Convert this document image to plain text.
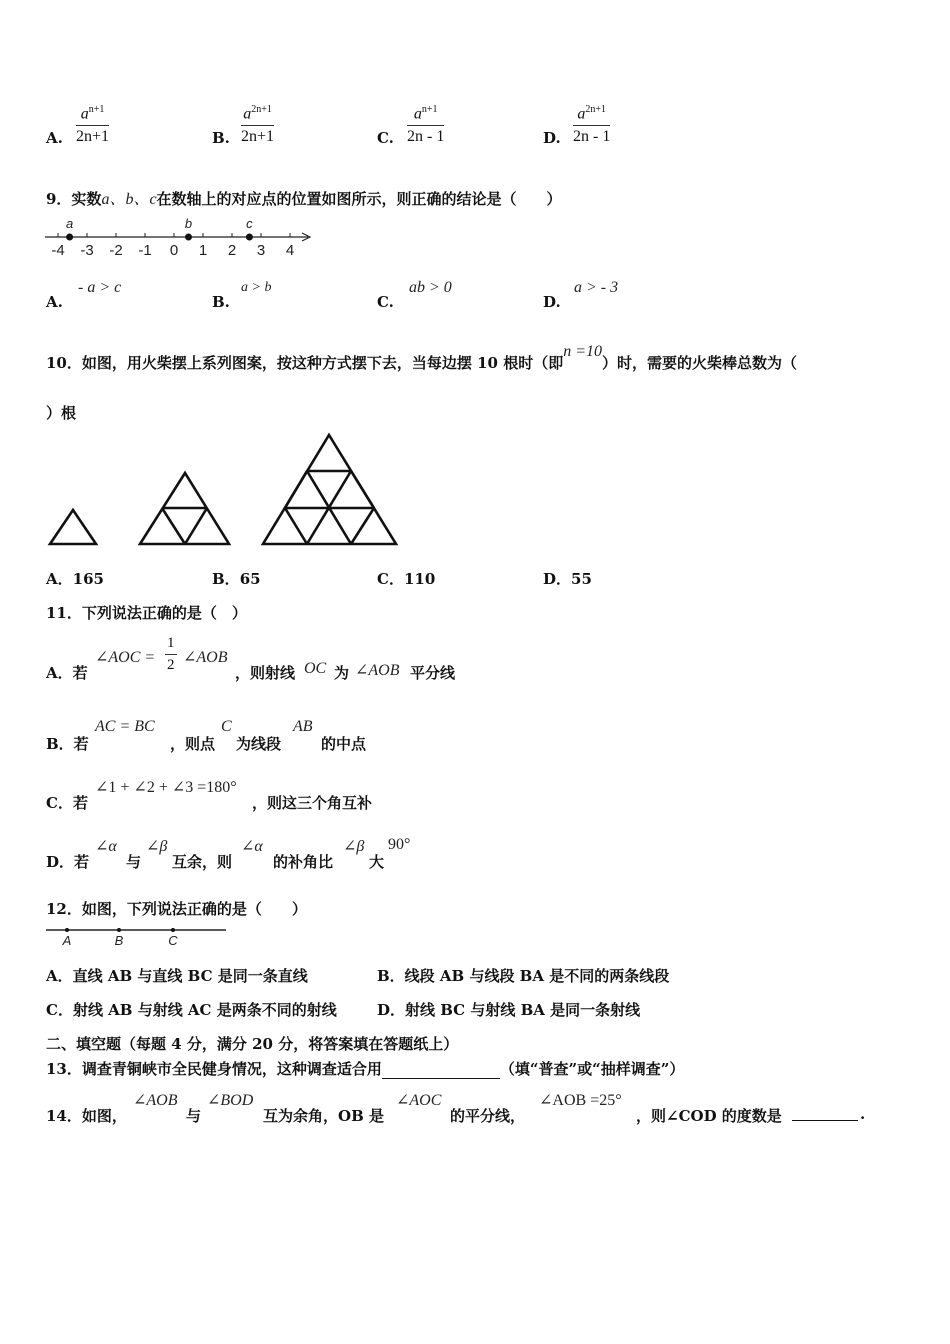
A. $\frac{a^{n+1}}{2n+1}$	B. $\frac{a^{2n+1}}{2n+1}$	C. $\frac{a^{n+1}}{2n - 1}$	D. $\frac{a^{2n+1}}{2n - 1}$
9．实数a、b、c在数轴上的对应点的位置如图所示，则正确的结论是（　　）
-4 -3 -2 -1 0 1 2 3 4
a	b	c
A.
- a > c
B.
a > b
C.
ab > 0
D.
a > - 3
10．如图，用火柴摆上系列图案，按这种方式摆下去，当每边摆 10 根时（即n =10）时，需要的火柴棒总数为（
）根
A．165	B．65	C．110	D．55
11．下列说法正确的是（　）
A．若
∠AOC = $\frac{1}{2}$ ∠AOB
，则射线 OC 为 ∠AOB 平分线
B．若
AC = BC
，则点
C
为线段
AB
的中点
C．若
∠1 + ∠2 + ∠3 =180°
，则这三个角互补
D．若
∠α
与
∠β
互余，则
∠α
的补角比
∠β
大
90°
12．如图，下列说法正确的是（　　）
A	B	C
A．直线 AB 与直线 BC 是同一条直线	B．线段 AB 与线段 BA 是不同的两条线段
C．射线 AB 与射线 AC 是两条不同的射线	D．射线 BC 与射线 BA 是同一条射线
二、填空题（每题 4 分，满分 20 分，将答案填在答题纸上）
13．调查青铜峡市全民健身情况，这种调查适合用	（填“普查”或“抽样调查”）
14．如图，
∠AOB
与
∠BOD
互为余角，OB 是
∠AOC
的平分线，
∠AOB =25°
，则∠COD 的度数是	.
